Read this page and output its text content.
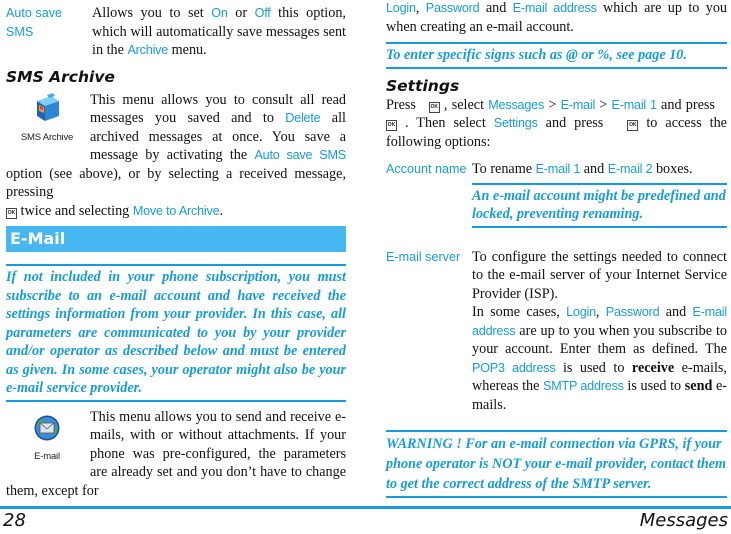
Auto save SMS
Allows you to set On or Off this option, which will automatically save messages sent in the Archive menu.
SMS Archive
SMS Archive
This menu allows you to consult all read messages you saved and to Delete all archived messages at once. You save a message by activating the Auto save SMS option (see above), or by selecting a received message, pressing
OK twice and selecting Move to Archive.
E-Mail
If not included in your phone subscription, you must subscribe to an e-mail account and have received the settings information from your provider. In this case, all parameters are communicated to you by your provider and/or operator as described below and must be entered as given. In some cases, your operator might also be your e-mail service provider.
E-mail
This menu allows you to send and receive e-mails, with or without attachments. If your phone was pre-configured, the parameters are already set and you don’t have to change them, except for
Login, Password and E-mail address which are up to you when creating an e-mail account.
To enter specific signs such as @ or %, see page 10.
Settings
Press   OK , select Messages > E-mail > E-mail 1 and press   OK . Then select Settings and press	OK to access the following options:
Account name To rename E-mail 1 and E-mail 2 boxes.
An e-mail account might be predefined and locked, preventing renaming.
E-mail server To configure the settings needed to connect to the e-mail server of your Internet Service Provider (ISP).
In some cases, Login, Password and E-mail address are up to you when you subscribe to your account. Enter them as defined. The POP3 address is used to receive e-mails, whereas the SMTP address is used to send e-mails.
WARNING ! For an e-mail connection via GPRS, if your phone operator is NOT your e-mail provider, contact them to get the correct address of the SMTP server.
28	Messages
